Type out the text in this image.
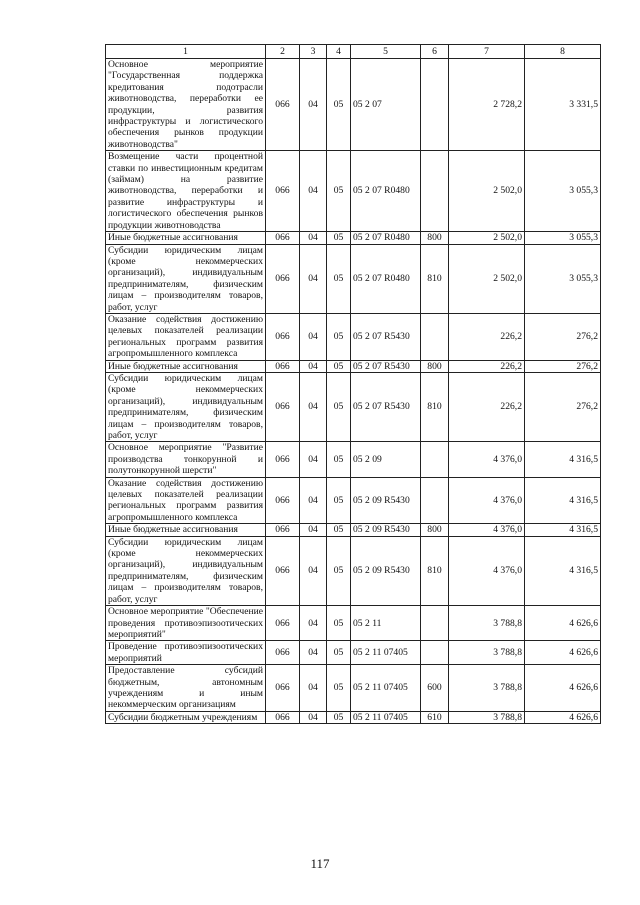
1	2	3	4	5	6	7	8
Основное мероприятие "Государственная поддержка кредитования подотрасли животноводства, переработки ее продукции, развития инфраструктуры и логистического обеспечения рынков продукции животноводства"	066	04	05	05 2 07		2 728,2	3 331,5
Возмещение части процентной ставки по инвестиционным кредитам (займам) на развитие животноводства, переработки и развитие инфраструктуры и логистического обеспечения рынков продукции животноводства	066	04	05	05 2 07 R0480		2 502,0	3 055,3
Иные бюджетные ассигнования	066	04	05	05 2 07 R0480	800	2 502,0	3 055,3
Субсидии юридическим лицам (кроме некоммерческих организаций), индивидуальным предпринимателям, физическим лицам – производителям товаров, работ, услуг	066	04	05	05 2 07 R0480	810	2 502,0	3 055,3
Оказание содействия достижению целевых показателей реализации региональных программ развития агропромышленного комплекса	066	04	05	05 2 07 R5430		226,2	276,2
Иные бюджетные ассигнования	066	04	05	05 2 07 R5430	800	226,2	276,2
Субсидии юридическим лицам (кроме некоммерческих организаций), индивидуальным предпринимателям, физическим лицам – производителям товаров, работ, услуг	066	04	05	05 2 07 R5430	810	226,2	276,2
Основное мероприятие "Развитие производства тонкорунной и полутонкорунной шерсти"	066	04	05	05 2 09		4 376,0	4 316,5
Оказание содействия достижению целевых показателей реализации региональных программ развития агропромышленного комплекса	066	04	05	05 2 09 R5430		4 376,0	4 316,5
Иные бюджетные ассигнования	066	04	05	05 2 09 R5430	800	4 376,0	4 316,5
Субсидии юридическим лицам (кроме некоммерческих организаций), индивидуальным предпринимателям, физическим лицам – производителям товаров, работ, услуг	066	04	05	05 2 09 R5430	810	4 376,0	4 316,5
Основное мероприятие "Обеспечение проведения противоэпизоотических мероприятий"	066	04	05	05 2 11		3 788,8	4 626,6
Проведение противоэпизоотических мероприятий	066	04	05	05 2 11 07405		3 788,8	4 626,6
Предоставление субсидий бюджетным, автономным учреждениям и иным некоммерческим организациям	066	04	05	05 2 11 07405	600	3 788,8	4 626,6
Субсидии бюджетным учреждениям	066	04	05	05 2 11 07405	610	3 788,8	4 626,6
117
